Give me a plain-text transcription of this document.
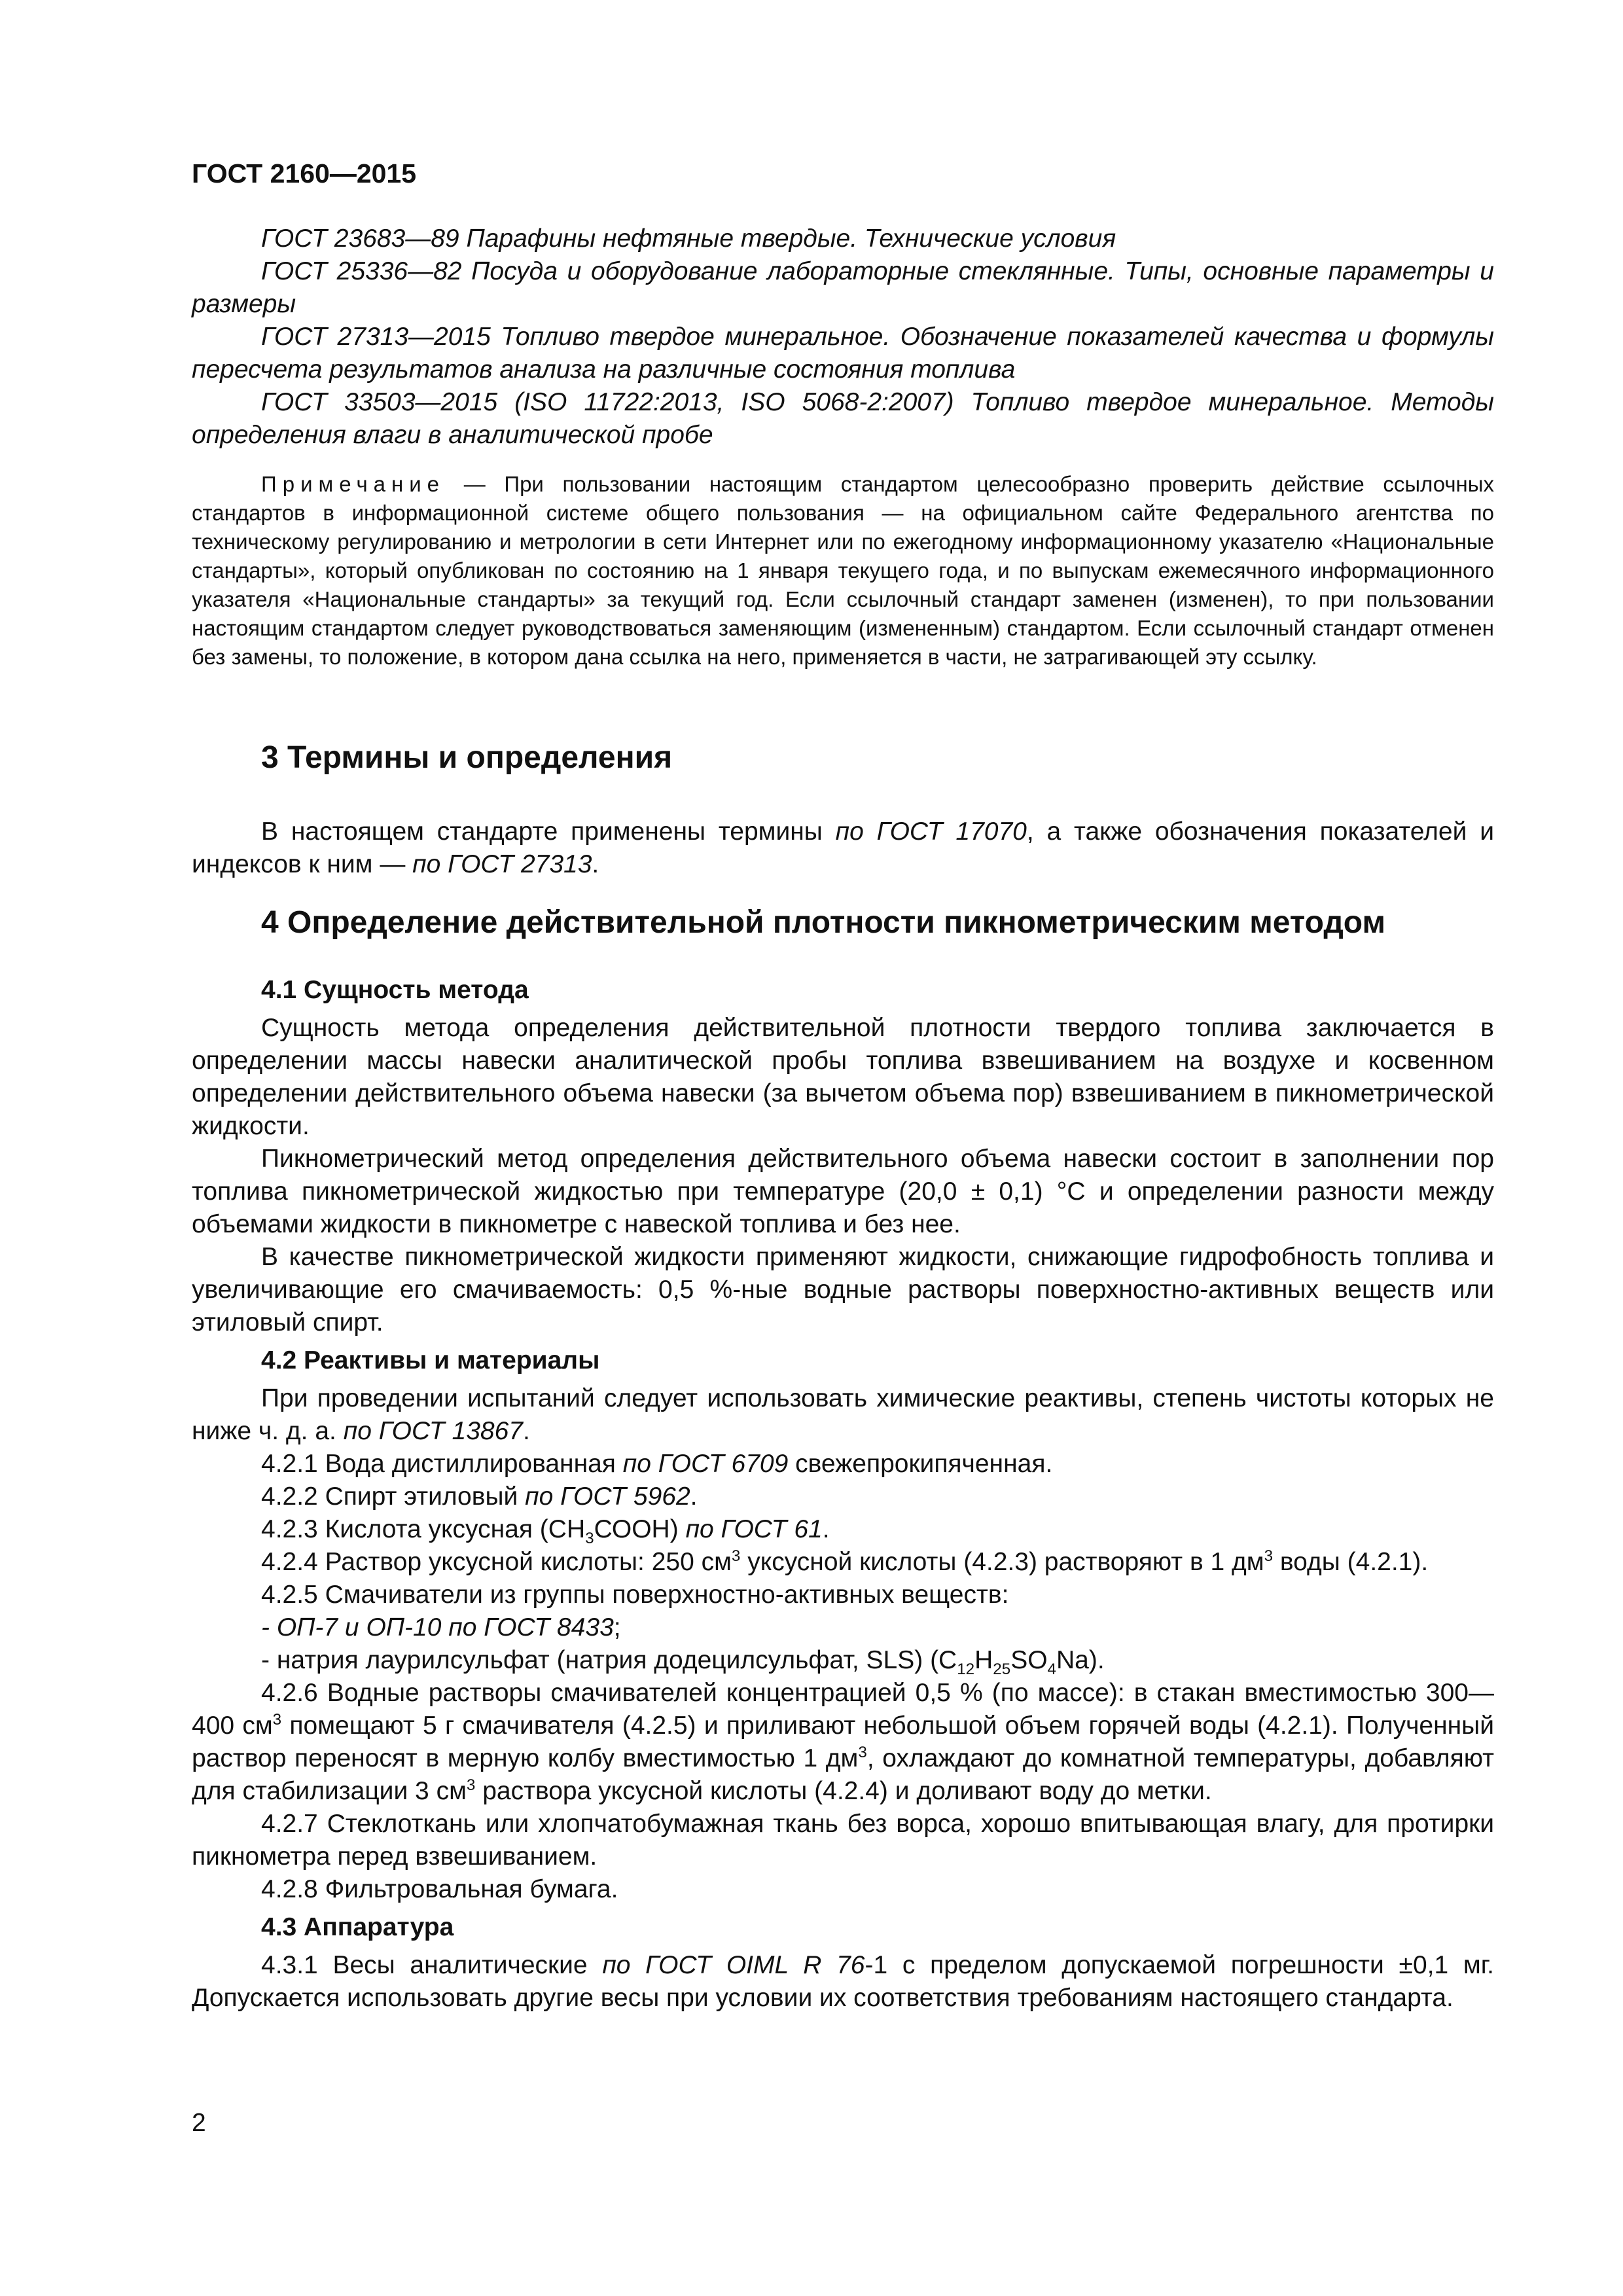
ГОСТ 2160—2015

ГОСТ 23683—89 Парафины нефтяные твердые. Технические условия

ГОСТ 25336—82 Посуда и оборудование лабораторные стеклянные. Типы, основные параметры и размеры

ГОСТ 27313—2015 Топливо твердое минеральное. Обозначение показателей качества и формулы пересчета результатов анализа на различные состояния топлива

ГОСТ 33503—2015 (ISO 11722:2013, ISO 5068-2:2007) Топливо твердое минеральное. Методы определения влаги в аналитической пробе

Примечание — При пользовании настоящим стандартом целесообразно проверить действие ссылочных стандартов в информационной системе общего пользования — на официальном сайте Федерального агентства по техническому регулированию и метрологии в сети Интернет или по ежегодному информационному указателю «Национальные стандарты», который опубликован по состоянию на 1 января текущего года, и по выпускам ежемесячного информационного указателя «Национальные стандарты» за текущий год. Если ссылочный стандарт заменен (изменен), то при пользовании настоящим стандартом следует руководствоваться заменяющим (измененным) стандартом. Если ссылочный стандарт отменен без замены, то положение, в котором дана ссылка на него, применяется в части, не затрагивающей эту ссылку.

3 Термины и определения

В настоящем стандарте применены термины по ГОСТ 17070, а также обозначения показателей и индексов к ним — по ГОСТ 27313.

4 Определение действительной плотности пикнометрическим методом
4.1 Сущность метода

Сущность метода определения действительной плотности твердого топлива заключается в определении массы навески аналитической пробы топлива взвешиванием на воздухе и косвенном определении действительного объема навески (за вычетом объема пор) взвешиванием в пикнометрической жидкости.

Пикнометрический метод определения действительного объема навески состоит в заполнении пор топлива пикнометрической жидкостью при температуре (20,0 ± 0,1) °С и определении разности между объемами жидкости в пикнометре с навеской топлива и без нее.

В качестве пикнометрической жидкости применяют жидкости, снижающие гидрофобность топлива и увеличивающие его смачиваемость: 0,5 %-ные водные растворы поверхностно-активных веществ или этиловый спирт.

4.2 Реактивы и материалы

При проведении испытаний следует использовать химические реактивы, степень чистоты которых не ниже ч. д. а. по ГОСТ 13867.

4.2.1 Вода дистиллированная по ГОСТ 6709 свежепрокипяченная.

4.2.2 Спирт этиловый по ГОСТ 5962.

4.2.3 Кислота уксусная $(СН_3СООН)$ по ГОСТ 61.

4.2.4 Раствор уксусной кислоты: 250 $см^3$ уксусной кислоты (4.2.3) растворяют в 1 $дм^3$ воды (4.2.1).

4.2.5 Смачиватели из группы поверхностно-активных веществ:

- ОП-7 и ОП-10 по ГОСТ 8433;

- натрия лаурилсульфат (натрия додецилсульфат, SLS) $(C_{12}H_{25}SO_4Na)$.

4.2.6 Водные растворы смачивателей концентрацией 0,5 % (по массе): в стакан вместимостью 300—400 $см^3$ помещают 5 г смачивателя (4.2.5) и приливают небольшой объем горячей воды (4.2.1). Полученный раствор переносят в мерную колбу вместимостью 1 $дм^3$, охлаждают до комнатной температуры, добавляют для стабилизации 3 $см^3$ раствора уксусной кислоты (4.2.4) и доливают воду до метки.

4.2.7 Стеклоткань или хлопчатобумажная ткань без ворса, хорошо впитывающая влагу, для протирки пикнометра перед взвешиванием.

4.2.8 Фильтровальная бумага.

4.3 Аппаратура

4.3.1 Весы аналитические по ГОСТ OIML R 76-1 с пределом допускаемой погрешности ±0,1 мг. Допускается использовать другие весы при условии их соответствия требованиям настоящего стандарта.

2
